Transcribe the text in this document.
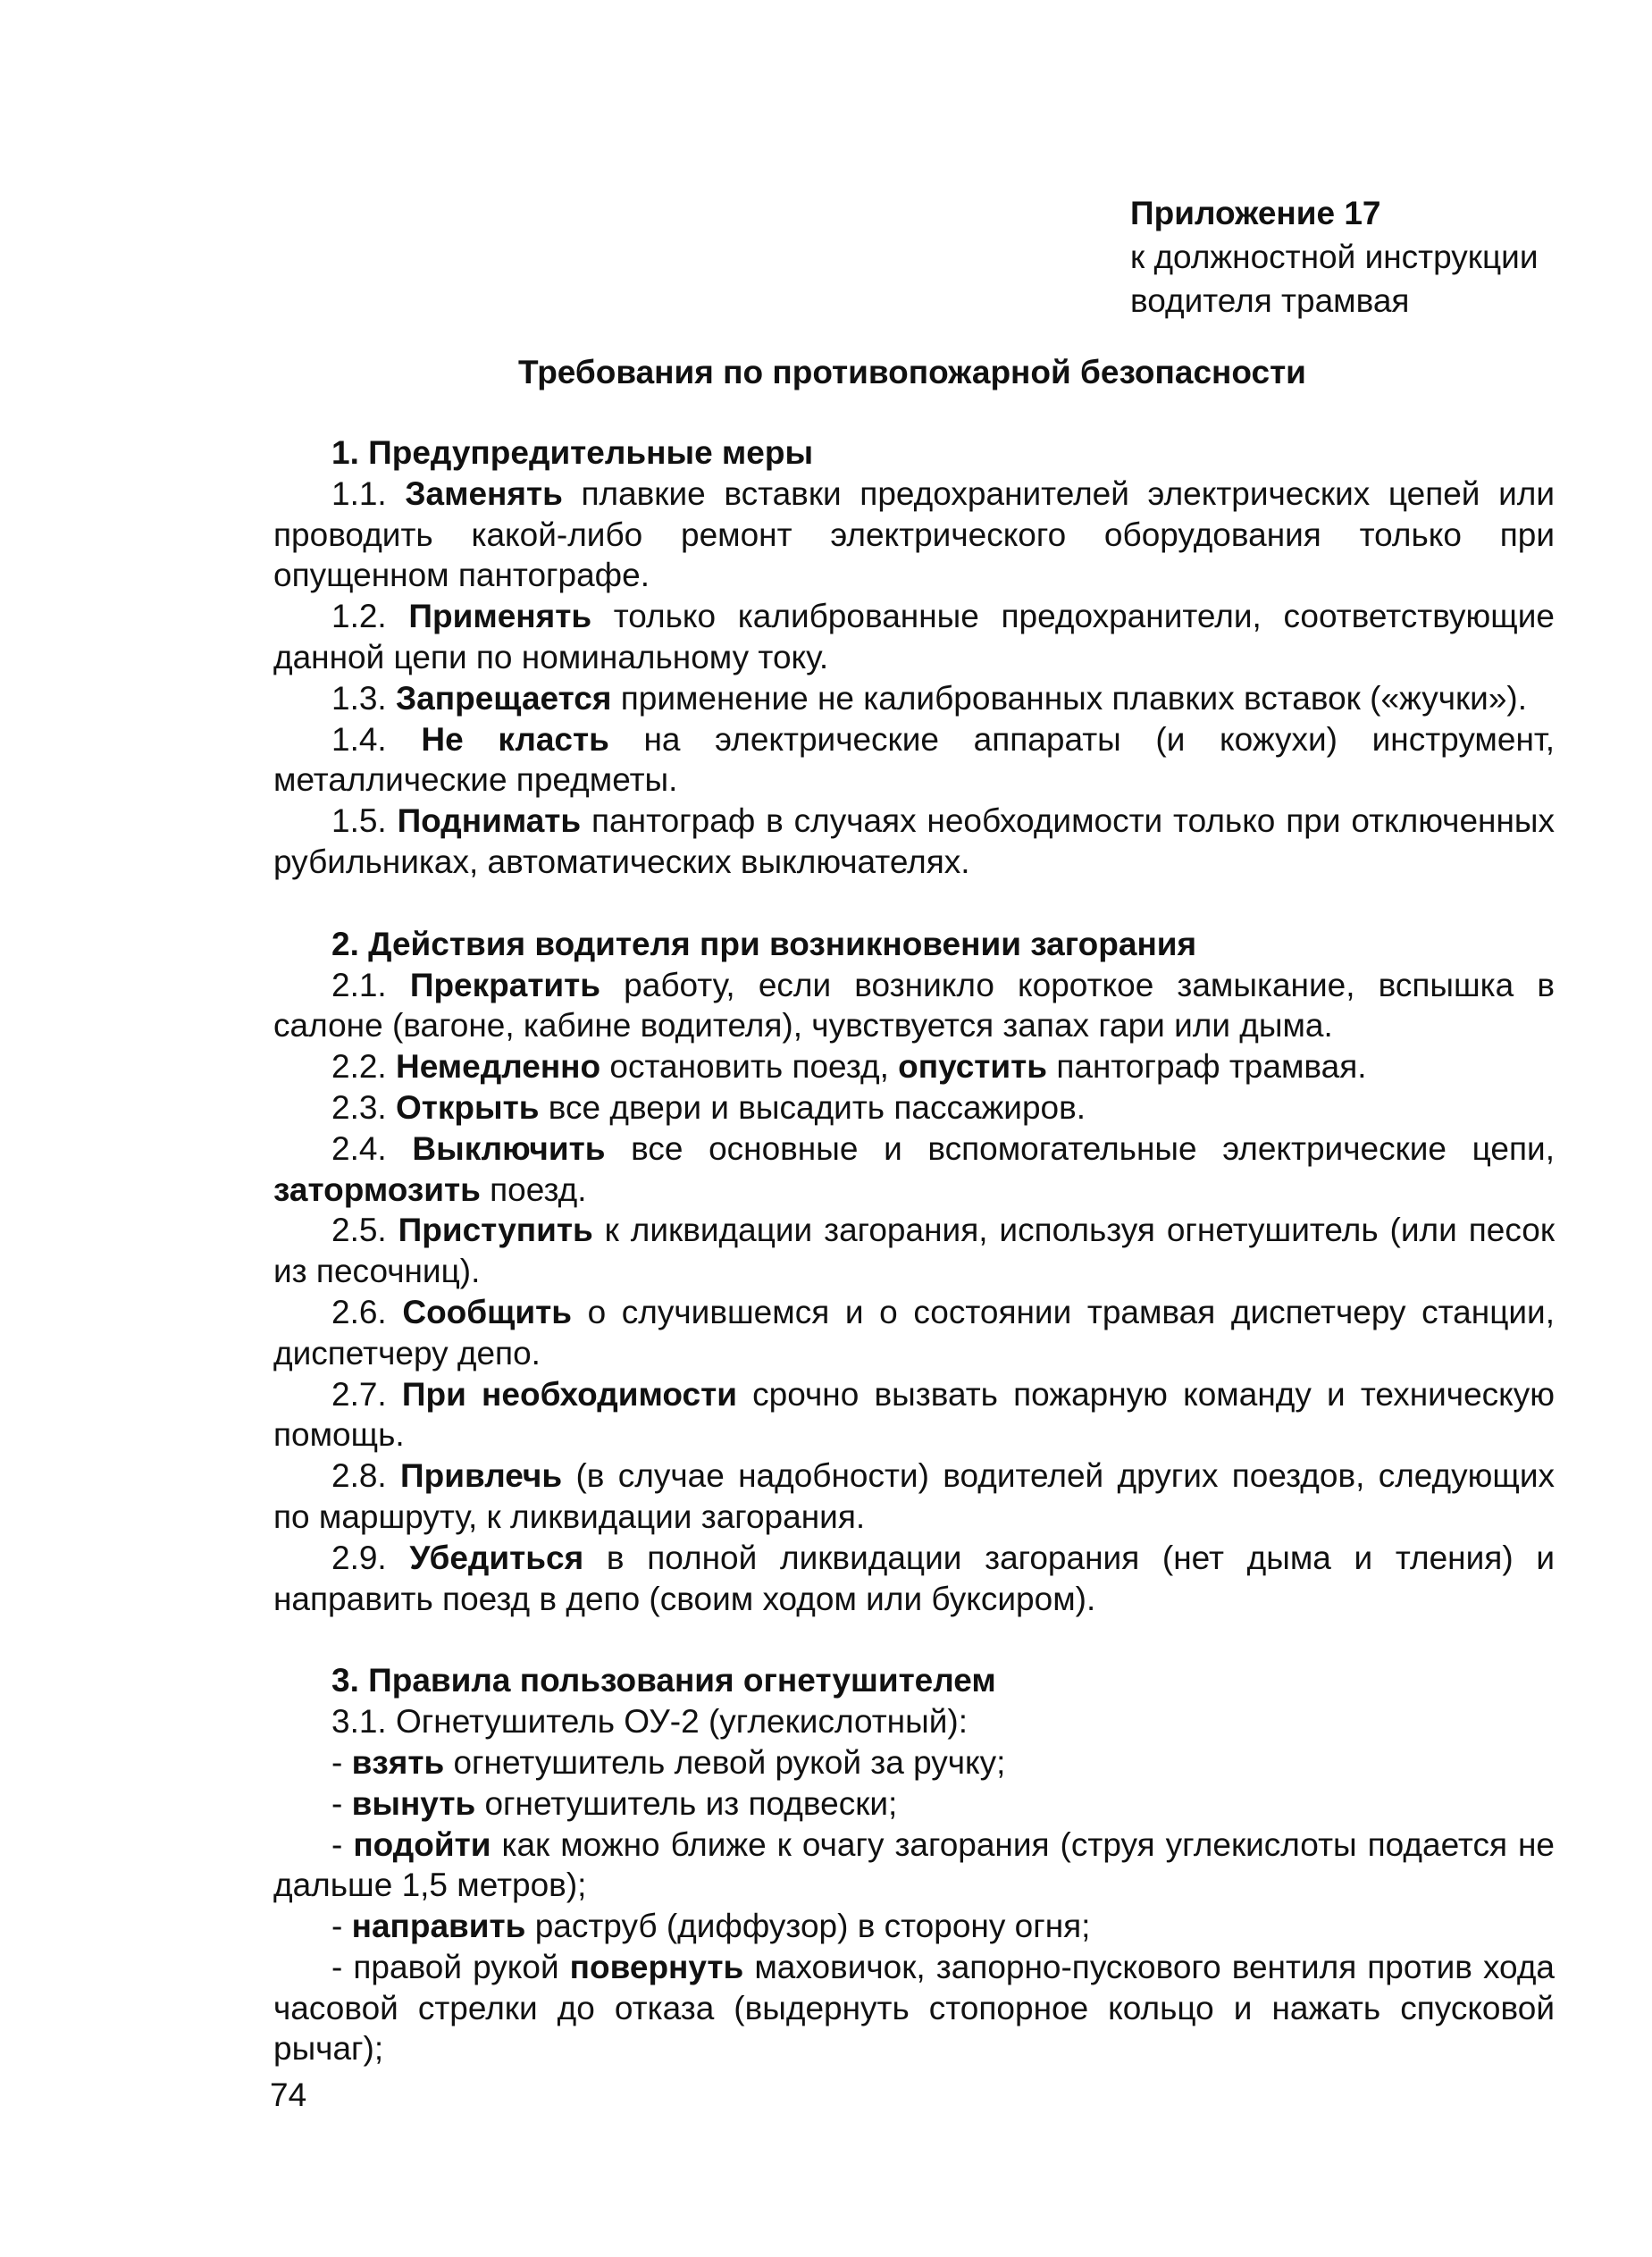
Приложение 17
к должностной инструкции
водителя трамвая
Требования по противопожарной безопасности

1. Предупредительные меры

1.1. Заменять плавкие вставки предохранителей электрических цепей или проводить какой-либо ремонт электрического оборудования только при опущенном пантографе.

1.2. Применять только калиброванные предохранители, соответствующие данной цепи по номинальному току.

1.3. Запрещается применение не калиброванных плавких вставок («жучки»).

1.4. Не класть на электрические аппараты (и кожухи) инструмент, металлические предметы.

1.5. Поднимать пантограф в случаях необходимости только при отключенных рубильниках, автоматических выключателях.

2. Действия водителя при возникновении загорания

2.1. Прекратить работу, если возникло короткое замыкание, вспышка в салоне (вагоне, кабине водителя), чувствуется запах гари или дыма.

2.2. Немедленно остановить поезд, опустить пантограф трамвая.

2.3. Открыть все двери и высадить пассажиров.

2.4. Выключить все основные и вспомогательные электрические цепи, затормозить поезд.

2.5. Приступить к ликвидации загорания, используя огнетушитель (или песок из песочниц).

2.6. Сообщить о случившемся и о состоянии трамвая диспетчеру станции, диспетчеру депо.

2.7. При необходимости срочно вызвать пожарную команду и техническую помощь.

2.8. Привлечь (в случае надобности) водителей других поездов, следующих по маршруту, к ликвидации загорания.

2.9. Убедиться в полной ликвидации загорания (нет дыма и тления) и направить поезд в депо (своим ходом или буксиром).

3. Правила пользования огнетушителем

3.1. Огнетушитель ОУ-2 (углекислотный):

- взять огнетушитель левой рукой за ручку;

- вынуть огнетушитель из подвески;

- подойти как можно ближе к очагу загорания (струя углекислоты подается не дальше 1,5 метров);

- направить раструб (диффузор) в сторону огня;

- правой рукой повернуть маховичок, запорно-пускового вентиля против хода часовой стрелки до отказа (выдернуть стопорное кольцо и нажать спусковой рычаг);

74
